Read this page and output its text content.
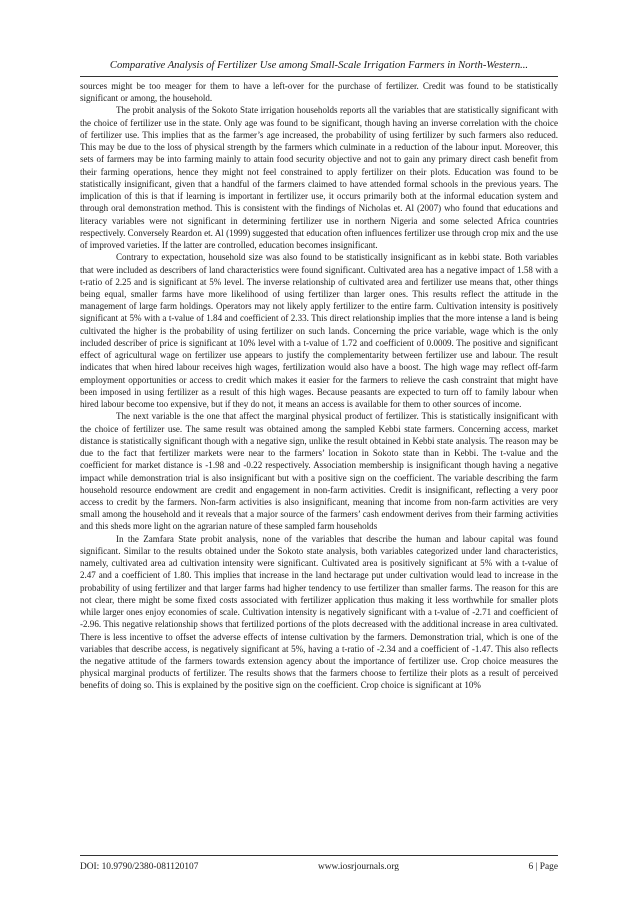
Comparative Analysis of Fertilizer Use among Small-Scale Irrigation Farmers in North-Western...

sources might be too meager for them to have a left-over for the purchase of fertilizer. Credit was found to be statistically significant or among, the household.

The probit analysis of the Sokoto State irrigation households reports all the variables that are statistically significant with the choice of fertilizer use in the state. Only age was found to be significant, though having an inverse correlation with the choice of fertilizer use. This implies that as the farmer’s age increased, the probability of using fertilizer by such farmers also reduced. This may be due to the loss of physical strength by the farmers which culminate in a reduction of the labour input. Moreover, this sets of farmers may be into farming mainly to attain food security objective and not to gain any primary direct cash benefit from their farming operations, hence they might not feel constrained to apply fertilizer on their plots. Education was found to be statistically insignificant, given that a handful of the farmers claimed to have attended formal schools in the previous years. The implication of this is that if learning is important in fertilizer use, it occurs primarily both at the informal education system and through oral demonstration method. This is consistent with the findings of Nicholas et. Al (2007) who found that educations and literacy variables were not significant in determining fertilizer use in northern Nigeria and some selected Africa countries respectively. Conversely Reardon et. Al (1999) suggested that education often influences fertilizer use through crop mix and the use of improved varieties. If the latter are controlled, education becomes insignificant.

Contrary to expectation, household size was also found to be statistically insignificant as in kebbi state. Both variables that were included as describers of land characteristics were found significant. Cultivated area has a negative impact of 1.58 with a t-ratio of 2.25 and is significant at 5% level. The inverse relationship of cultivated area and fertilizer use means that, other things being equal, smaller farms have more likelihood of using fertilizer than larger ones. This results reflect the attitude in the management of large farm holdings. Operators may not likely apply fertilizer to the entire farm. Cultivation intensity is positively significant at 5% with a t-value of 1.84 and coefficient of 2.33. This direct relationship implies that the more intense a land is being cultivated the higher is the probability of using fertilizer on such lands. Concerning the price variable, wage which is the only included describer of price is significant at 10% level with a t-value of 1.72 and coefficient of 0.0009. The positive and significant effect of agricultural wage on fertilizer use appears to justify the complementarity between fertilizer use and labour. The result indicates that when hired labour receives high wages, fertilization would also have a boost. The high wage may reflect off-farm employment opportunities or access to credit which makes it easier for the farmers to relieve the cash constraint that might have been imposed in using fertilizer as a result of this high wages. Because peasants are expected to turn off to family labour when hired labour become too expensive, but if they do not, it means an access is available for them to other sources of income.

The next variable is the one that affect the marginal physical product of fertilizer. This is statistically insignificant with the choice of fertilizer use. The same result was obtained among the sampled Kebbi state farmers. Concerning access, market distance is statistically significant though with a negative sign, unlike the result obtained in Kebbi state analysis. The reason may be due to the fact that fertilizer markets were near to the farmers’ location in Sokoto state than in Kebbi. The t-value and the coefficient for market distance is -1.98 and -0.22 respectively. Association membership is insignificant though having a negative impact while demonstration trial is also insignificant but with a positive sign on the coefficient. The variable describing the farm household resource endowment are credit and engagement in non-farm activities. Credit is insignificant, reflecting a very poor access to credit by the farmers. Non-farm activities is also insignificant, meaning that income from non-farm activities are very small among the household and it reveals that a major source of the farmers’ cash endowment derives from their farming activities and this sheds more light on the agrarian nature of these sampled farm households

In the Zamfara State probit analysis, none of the variables that describe the human and labour capital was found significant. Similar to the results obtained under the Sokoto state analysis, both variables categorized under land characteristics, namely, cultivated area ad cultivation intensity were significant. Cultivated area is positively significant at 5% with a t-value of 2.47 and a coefficient of 1.80. This implies that increase in the land hectarage put under cultivation would lead to increase in the probability of using fertilizer and that larger farms had higher tendency to use fertilizer than smaller farms. The reason for this are not clear, there might be some fixed costs associated with fertilizer application thus making it less worthwhile for smaller plots while larger ones enjoy economies of scale. Cultivation intensity is negatively significant with a t-value of -2.71 and coefficient of -2.96. This negative relationship shows that fertilized portions of the plots decreased with the additional increase in area cultivated. There is less incentive to offset the adverse effects of intense cultivation by the farmers. Demonstration trial, which is one of the variables that describe access, is negatively significant at 5%, having a t-ratio of -2.34 and a coefficient of -1.47. This also reflects the negative attitude of the farmers towards extension agency about the importance of fertilizer use. Crop choice measures the physical marginal products of fertilizer. The results shows that the farmers choose to fertilize their plots as a result of perceived benefits of doing so. This is explained by the positive sign on the coefficient. Crop choice is significant at 10%

DOI: 10.9790/2380-081120107	www.iosrjournals.org	6 | Page
